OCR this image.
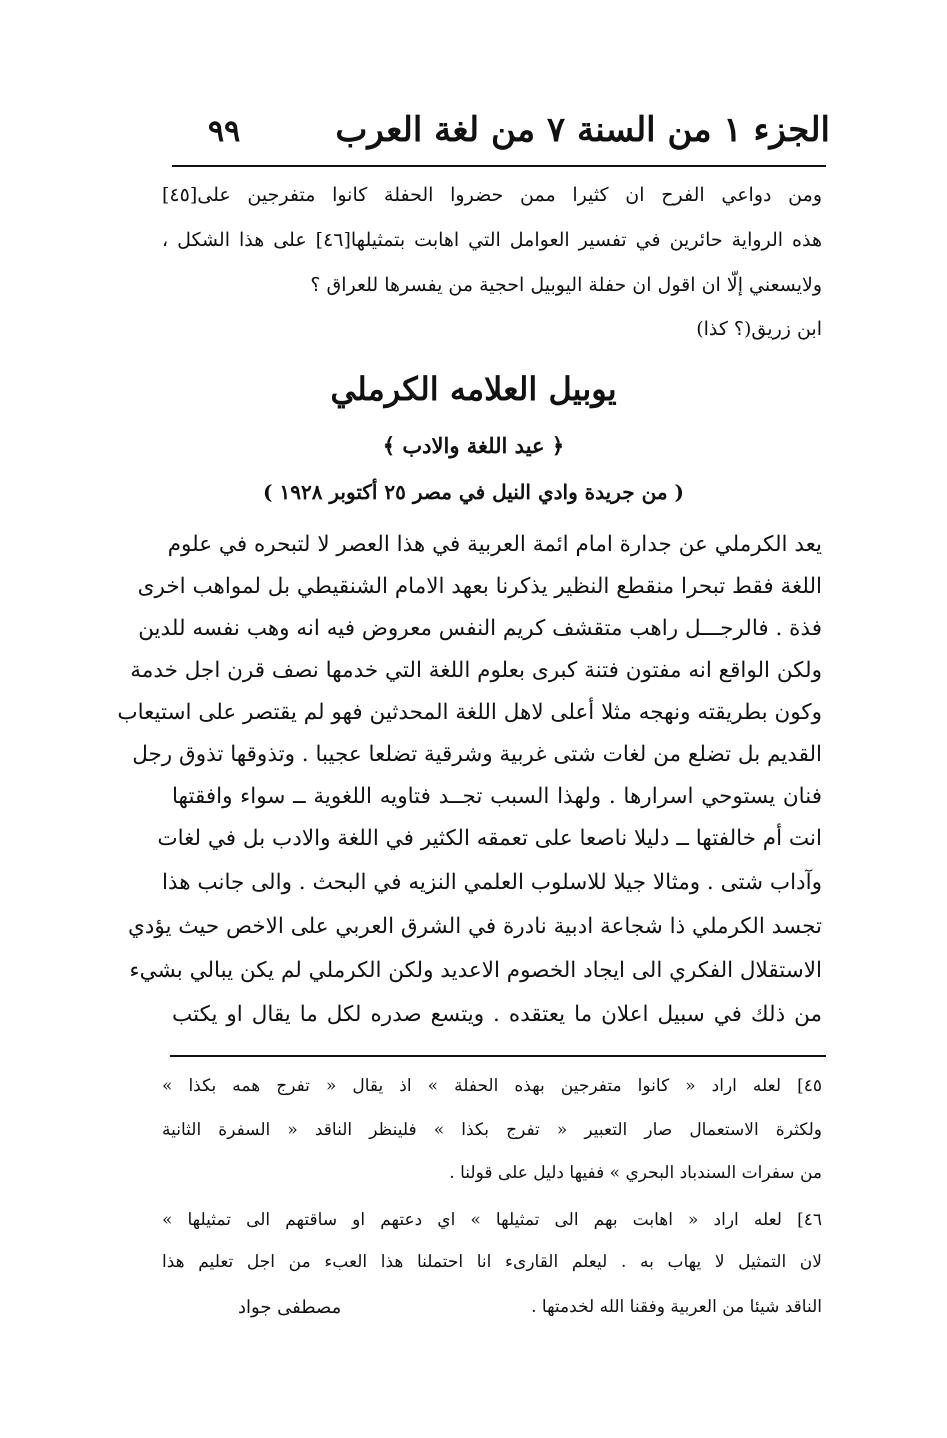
الجزء ١ من السنة ٧ من لغة العرب
٩٩
ومن دواعي الفرح ان كثيرا ممن حضروا الحفلة كانوا متفرجين على[٤٥]
هذه الرواية حائرين في تفسير العوامل التي اهابت بتمثيلها[٤٦] على هذا الشكل ،
ولايسعني إلّا ان اقول ان حفلة اليوبيل احجية من يفسرها للعراق ؟
ابن زريق(؟ كذا)
يوبيل العلامه الكرملي
﴿ عيد اللغة والادب ﴾
( من جريدة وادي النيل في مصر ٢٥ أكتوبر ١٩٢٨ )
يعد الكرملي عن جدارة امام ائمة العربية في هذا العصر لا لتبحره في علوم
اللغة فقط تبحرا منقطع النظير يذكرنا بعهد الامام الشنقيطي بل لمواهب اخرى
فذة . فالرجـــل راهب متقشف كريم النفس معروض فيه انه وهب نفسه للدين
ولكن الواقع انه مفتون فتنة كبرى بعلوم اللغة التي خدمها نصف قرن اجل خدمة
وكون بطريقته ونهجه مثلا أعلى لاهل اللغة المحدثين فهو لم يقتصر على استيعاب
القديم بل تضلع من لغات شتى غربية وشرقية تضلعا عجيبا . وتذوقها تذوق رجل
فنان يستوحي اسرارها . ولهذا السبب تجــد فتاويه اللغوية ــ سواء وافقتها
انت أم خالفتها ــ دليلا ناصعا على تعمقه الكثير في اللغة والادب بل في لغات
وآداب شتى . ومثالا جيلا للاسلوب العلمي النزيه في البحث . والى جانب هذا
تجسد الكرملي ذا شجاعة ادبية نادرة في الشرق العربي على الاخص حيث يؤدي
الاستقلال الفكري الى ايجاد الخصوم الاعديد ولكن الكرملي لم يكن يبالي بشيء
من ذلك في سبيل اعلان ما يعتقده . ويتسع صدره لكل ما يقال او يكتب
٤٥] لعله اراد « كانوا متفرجين بهذه الحفلة » اذ يقال « تفرج همه بكذا »
ولكثرة الاستعمال صار التعبير « تفرج بكذا » فلينظر الناقد « السفرة الثانية
من سفرات السندباد البحري » ففيها دليل على قولنا .
٤٦] لعله اراد « اهابت بهم الى تمثيلها » اي دعتهم او ساقتهم الى تمثيلها »
لان التمثيل لا يهاب به . ليعلم القارىء انا احتملنا هذا العبء من اجل تعليم هذا
الناقد شيئا من العربية وفقنا الله لخدمتها .
مصطفى جواد
